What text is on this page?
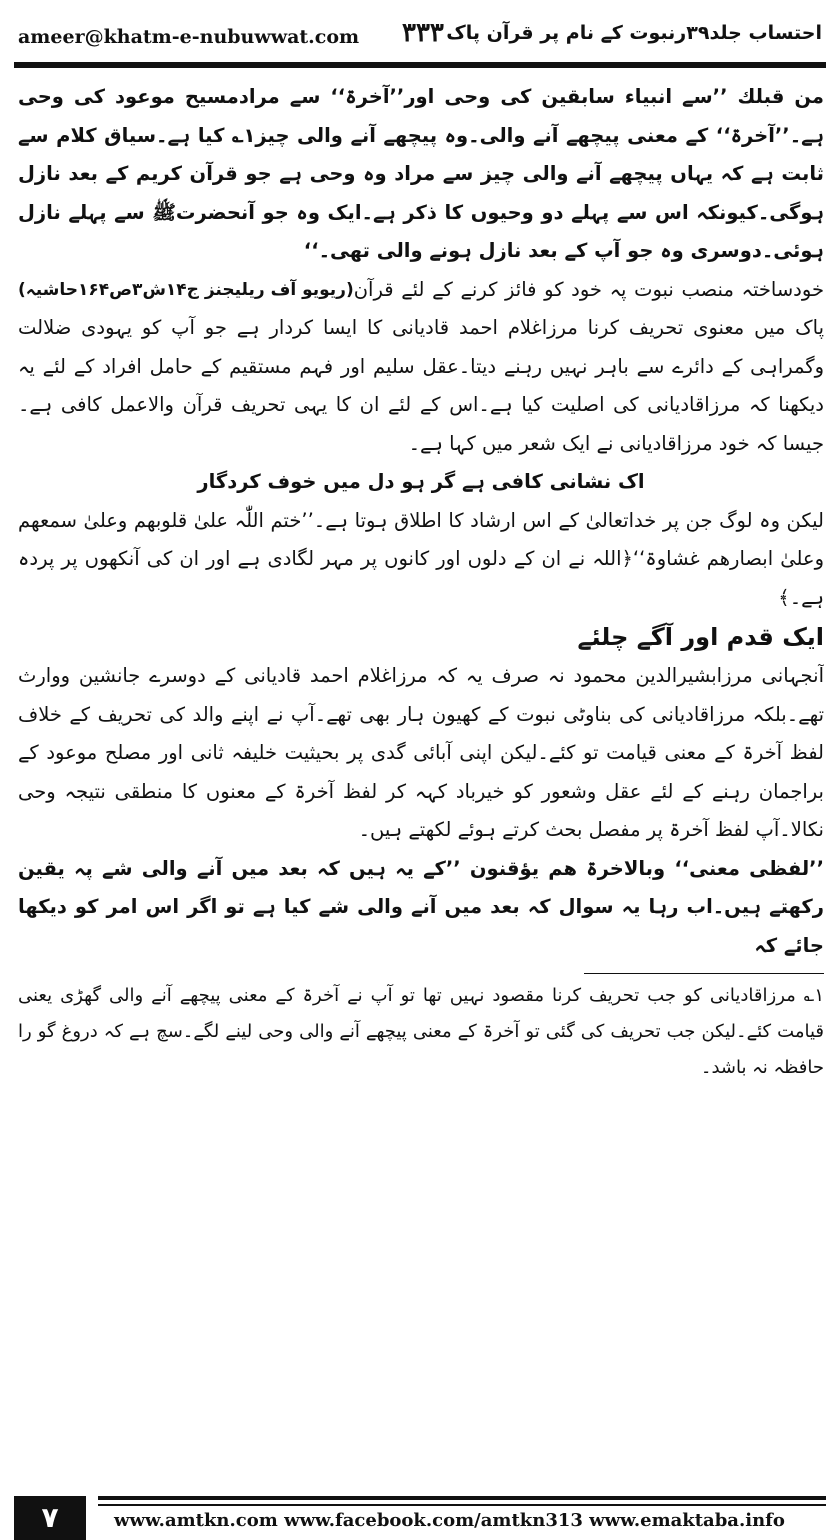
ameer@khatm-e-nubuwwat.com ۳۳۳ احتساب جلد۳۹رنبوت کے نام پر قرآن پاک

من قبلك ’’سے انبیاء سابقین کی وحی اور’’آخرۃ‘‘ سے مرادمسیح موعود کی وحی ہے۔’’آخرۃ‘‘ کے معنی پیچھے آنے والی۔وہ پیچھے آنے والی چیز۱؎ کیا ہے۔سیاق کلام سے ثابت ہے کہ یہاں پیچھے آنے والی چیز سے مراد وہ وحی ہے جو قرآن کریم کے بعد نازل ہوگی۔کیونکہ اس سے پہلے دو وحیوں کا ذکر ہے۔ایک وہ جو آنحضرتﷺ سے پہلے نازل ہوئی۔دوسری وہ جو آپ کے بعد نازل ہونے والی تھی۔‘‘
(ریویو آف ریلیجنز ج۱۴ش۳ص۱۶۴حاشیہ) خودساختہ منصب نبوت پہ خود کو فائز کرنے کے لئے قرآن پاک میں معنوی تحریف کرنا مرزاغلام احمد قادیانی کا ایسا کردار ہے جو آپ کو یہودی ضلالت وگمراہی کے دائرے سے باہر نہیں رہنے دیتا۔عقل سلیم اور فہم مستقیم کے حامل افراد کے لئے یہ دیکھنا کہ مرزاقادیانی کی اصلیت کیا ہے۔اس کے لئے ان کا یہی تحریف قرآن والاعمل کافی ہے۔جیسا کہ خود مرزاقادیانی نے ایک شعر میں کہا ہے۔

اک نشانی کافی ہے گر ہو دل میں خوف کردگار

لیکن وہ لوگ جن پر خداتعالیٰ کے اس ارشاد کا اطلاق ہوتا ہے۔’’ختم اللّٰہ علیٰ قلوبھم وعلیٰ سمعھم وعلیٰ ابصارھم غشاوۃ‘‘﴿اللہ نے ان کے دلوں اور کانوں پر مہر لگادی ہے اور ان کی آنکھوں پر پردہ ہے۔﴾

ایک قدم اور آگے چلئے

آنجہانی مرزابشیرالدین محمود نہ صرف یہ کہ مرزاغلام احمد قادیانی کے دوسرے جانشین ووارث تھے۔بلکہ مرزاقادیانی کی بناوٹی نبوت کے کھیون ہار بھی تھے۔آپ نے اپنے والد کی تحریف کے خلاف لفظ آخرۃ کے معنی قیامت تو کئے۔لیکن اپنی آبائی گدی پر بحیثیت خلیفہ ثانی اور مصلح موعود کے براجمان رہنے کے لئے عقل وشعور کو خیرباد کہہ کر لفظ آخرۃ کے معنوں کا منطقی نتیجہ وحی نکالا۔آپ لفظ آخرۃ پر مفصل بحث کرتے ہوئے لکھتے ہیں۔

’’لفظی معنی‘‘ وبالاخرۃ ھم یؤقنون ’’کے یہ ہیں کہ بعد میں آنے والی شے پہ یقین رکھتے ہیں۔اب رہا یہ سوال کہ بعد میں آنے والی شے کیا ہے تو اگر اس امر کو دیکھا جائے کہ

۱؎ مرزاقادیانی کو جب تحریف کرنا مقصود نہیں تھا تو آپ نے آخرۃ کے معنی پیچھے آنے والی گھڑی یعنی قیامت کئے۔لیکن جب تحریف کی گئی تو آخرۃ کے معنی پیچھے آنے والی وحی لینے لگے۔سچ ہے کہ دروغ گو را حافظہ نہ باشد۔

۷	www.amtkn.com www.facebook.com/amtkn313 www.emaktaba.info
